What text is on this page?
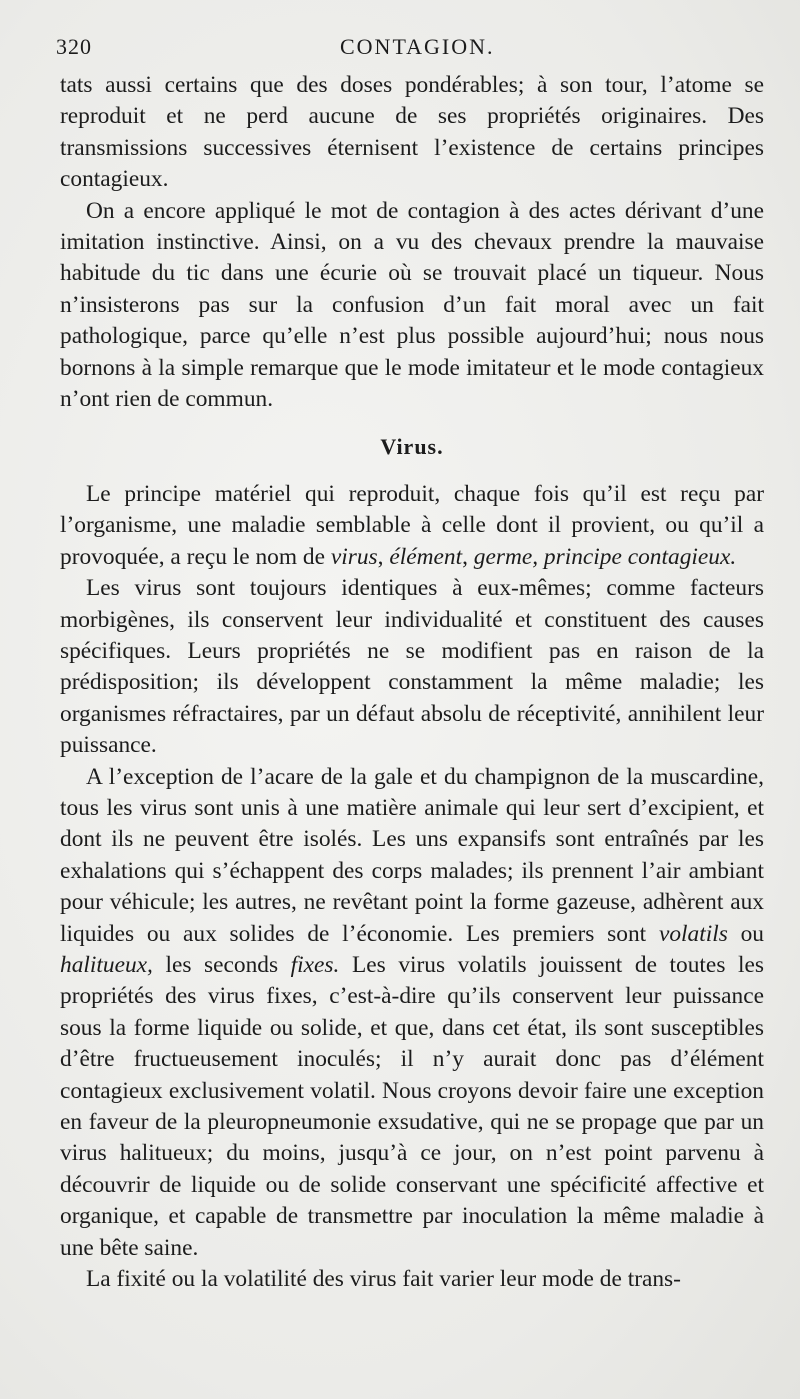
320	CONTAGION.

tats aussi certains que des doses pondérables; à son tour, l’atome se reproduit et ne perd aucune de ses propriétés originaires. Des transmissions successives éternisent l’existence de certains principes contagieux.

On a encore appliqué le mot de contagion à des actes dérivant d’une imitation instinctive. Ainsi, on a vu des chevaux prendre la mauvaise habitude du tic dans une écurie où se trouvait placé un tiqueur. Nous n’insisterons pas sur la confusion d’un fait moral avec un fait pathologique, parce qu’elle n’est plus possible aujourd’hui; nous nous bornons à la simple remarque que le mode imitateur et le mode contagieux n’ont rien de commun.

Virus.

Le principe matériel qui reproduit, chaque fois qu’il est reçu par l’organisme, une maladie semblable à celle dont il provient, ou qu’il a provoquée, a reçu le nom de virus, élément, germe, principe contagieux.

Les virus sont toujours identiques à eux-mêmes; comme facteurs morbigènes, ils conservent leur individualité et constituent des causes spécifiques. Leurs propriétés ne se modifient pas en raison de la prédisposition; ils développent constamment la même maladie; les organismes réfractaires, par un défaut absolu de réceptivité, annihilent leur puissance.

A l’exception de l’acare de la gale et du champignon de la muscardine, tous les virus sont unis à une matière animale qui leur sert d’excipient, et dont ils ne peuvent être isolés. Les uns expansifs sont entraînés par les exhalations qui s’échappent des corps malades; ils prennent l’air ambiant pour véhicule; les autres, ne revêtant point la forme gazeuse, adhèrent aux liquides ou aux solides de l’économie. Les premiers sont volatils ou halitueux, les seconds fixes. Les virus volatils jouissent de toutes les propriétés des virus fixes, c’est-à-dire qu’ils conservent leur puissance sous la forme liquide ou solide, et que, dans cet état, ils sont susceptibles d’être fructueusement inoculés; il n’y aurait donc pas d’élément contagieux exclusivement volatil. Nous croyons devoir faire une exception en faveur de la pleuropneumonie exsudative, qui ne se propage que par un virus halitueux; du moins, jusqu’à ce jour, on n’est point parvenu à découvrir de liquide ou de solide conservant une spécificité affective et organique, et capable de transmettre par inoculation la même maladie à une bête saine.

La fixité ou la volatilité des virus fait varier leur mode de trans-
